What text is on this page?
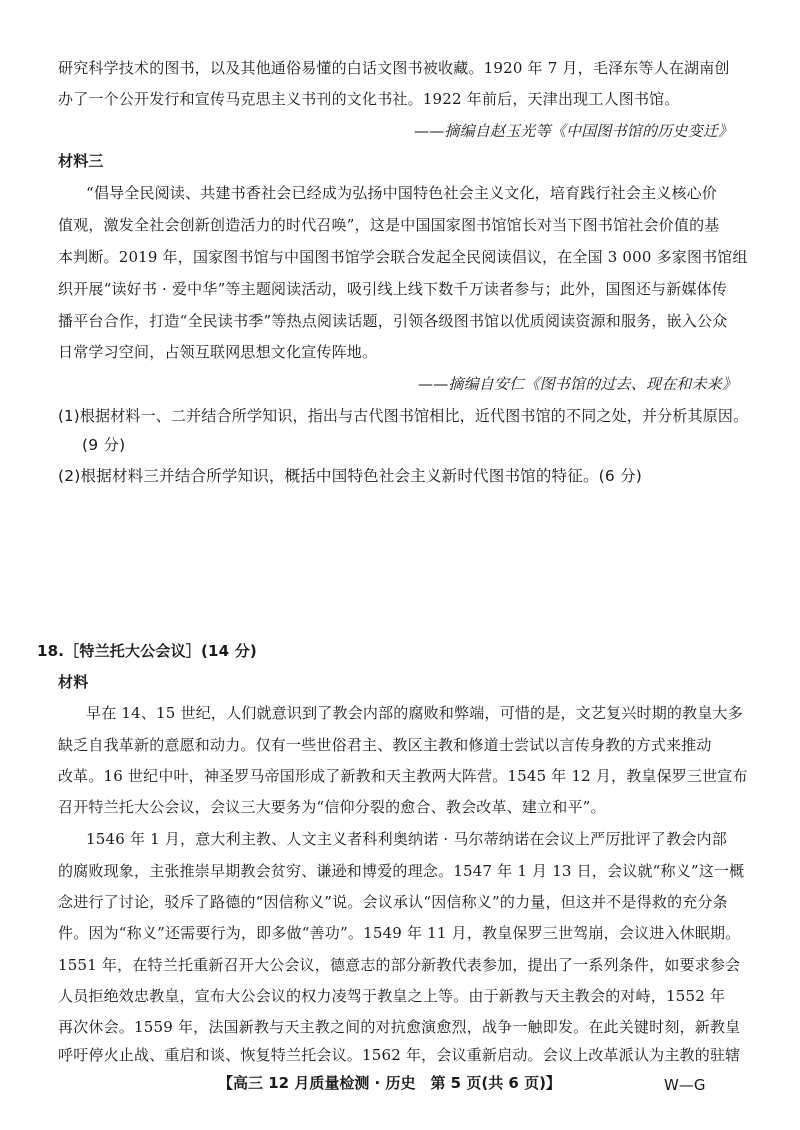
研究科学技术的图书，以及其他通俗易懂的白话文图书被收藏。1920 年 7 月，毛泽东等人在湖南创
办了一个公开发行和宣传马克思主义书刊的文化书社。1922 年前后，天津出现工人图书馆。
——摘编自赵玉光等《中国图书馆的历史变迁》
材料三
“倡导全民阅读、共建书香社会已经成为弘扬中国特色社会主义文化，培育践行社会主义核心价
值观，激发全社会创新创造活力的时代召唤”，这是中国国家图书馆馆长对当下图书馆社会价值的基
本判断。2019 年，国家图书馆与中国图书馆学会联合发起全民阅读倡议，在全国 3 000 多家图书馆组
织开展“读好书 · 爱中华”等主题阅读活动，吸引线上线下数千万读者参与；此外，国图还与新媒体传
播平台合作，打造“全民读书季”等热点阅读话题，引领各级图书馆以优质阅读资源和服务，嵌入公众
日常学习空间，占领互联网思想文化宣传阵地。
——摘编自安仁《图书馆的过去、现在和未来》
(1)根据材料一、二并结合所学知识，指出与古代图书馆相比，近代图书馆的不同之处，并分析其原因。
(9 分)
(2)根据材料三并结合所学知识，概括中国特色社会主义新时代图书馆的特征。(6 分)
18.［特兰托大公会议］(14 分)
材料
早在 14、15 世纪，人们就意识到了教会内部的腐败和弊端，可惜的是，文艺复兴时期的教皇大多
缺乏自我革新的意愿和动力。仅有一些世俗君主、教区主教和修道士尝试以言传身教的方式来推动
改革。16 世纪中叶，神圣罗马帝国形成了新教和天主教两大阵营。1545 年 12 月，教皇保罗三世宣布
召开特兰托大公会议，会议三大要务为“信仰分裂的愈合、教会改革、建立和平”。
1546 年 1 月，意大利主教、人文主义者科利奥纳诺 · 马尔蒂纳诺在会议上严厉批评了教会内部
的腐败现象，主张推崇早期教会贫穷、谦逊和博爱的理念。1547 年 1 月 13 日，会议就“称义”这一概
念进行了讨论，驳斥了路德的“因信称义”说。会议承认“因信称义”的力量，但这并不是得救的充分条
件。因为“称义”还需要行为，即多做“善功”。1549 年 11 月，教皇保罗三世驾崩，会议进入休眠期。
1551 年，在特兰托重新召开大公会议，德意志的部分新教代表参加，提出了一系列条件，如要求参会
人员拒绝效忠教皇，宣布大公会议的权力凌驾于教皇之上等。由于新教与天主教会的对峙，1552 年
再次休会。1559 年，法国新教与天主教之间的对抗愈演愈烈，战争一触即发。在此关键时刻，新教皇
呼吁停火止战、重启和谈、恢复特兰托会议。1562 年，会议重新启动。会议上改革派认为主教的驻辖
【高三 12 月质量检测 · 历史　第 5 页(共 6 页)】	W—G
